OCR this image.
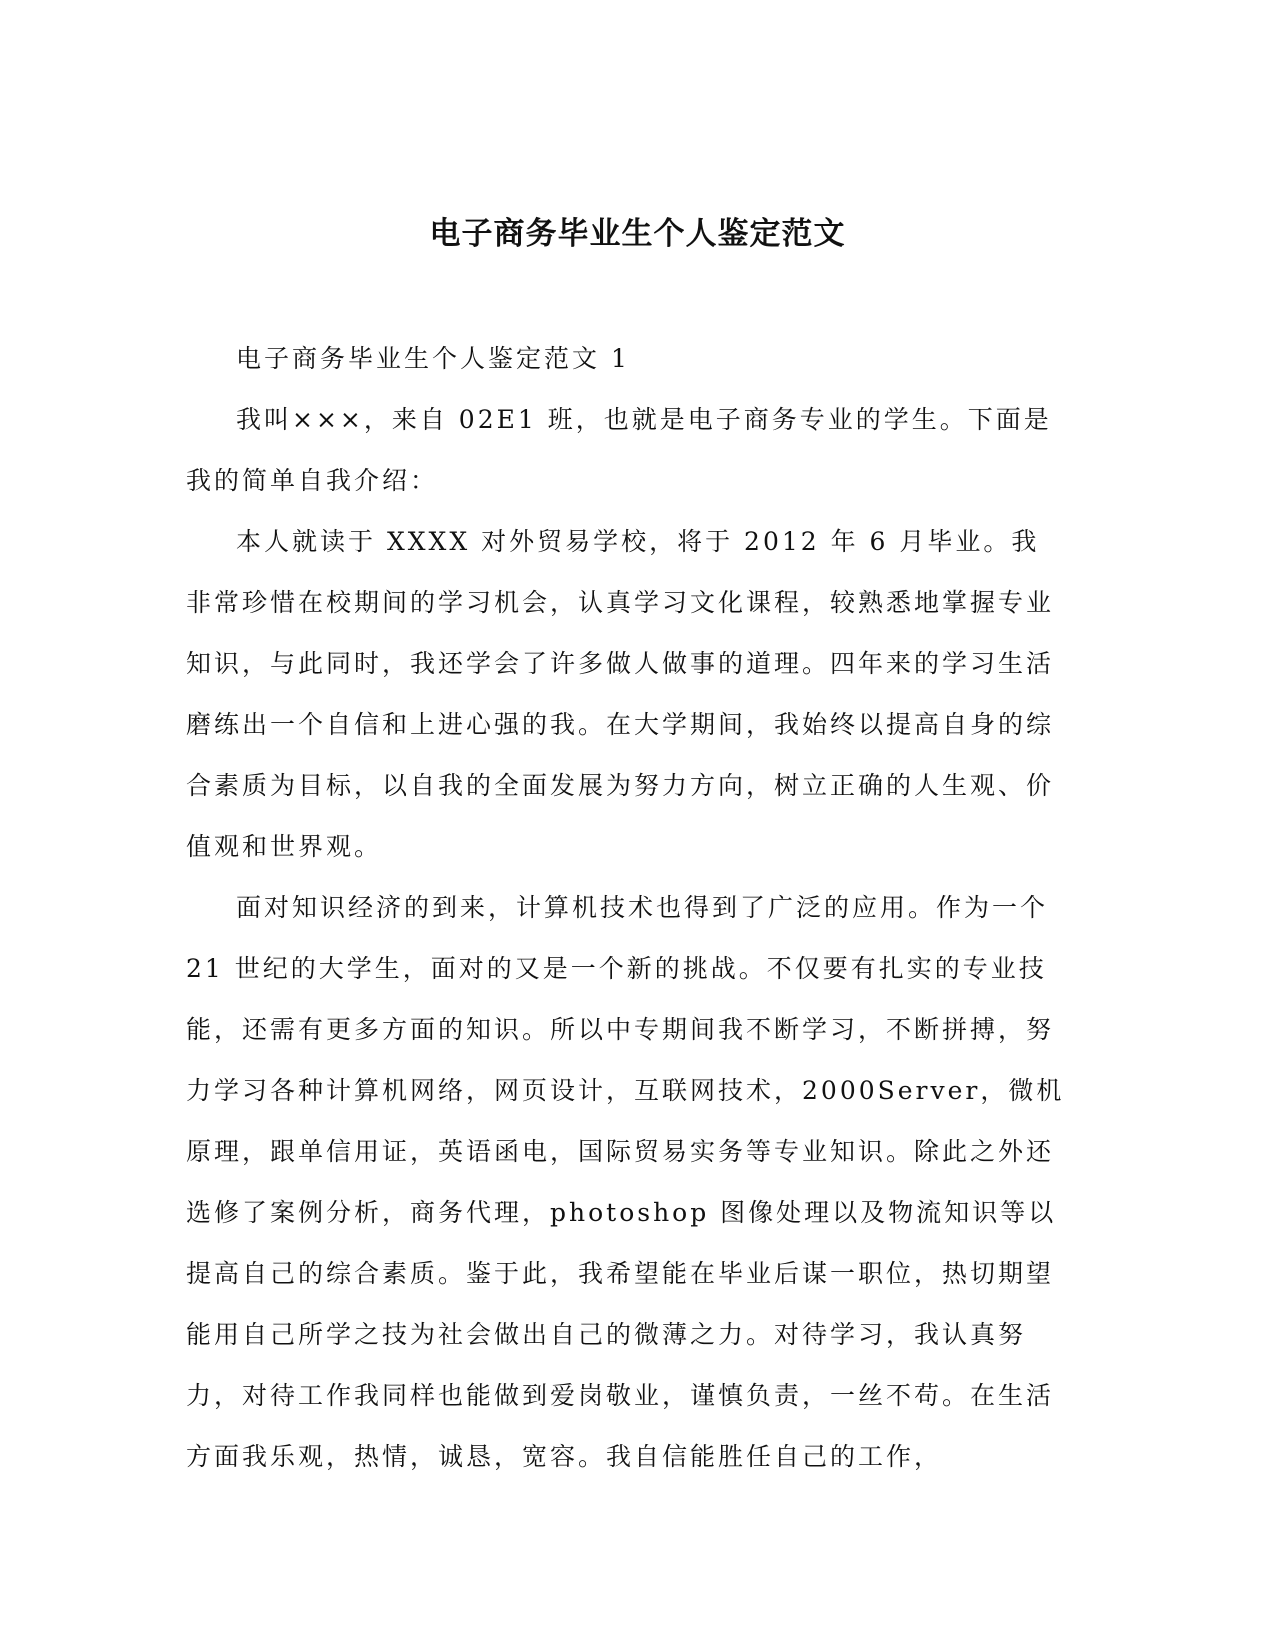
电子商务毕业生个人鉴定范文

电子商务毕业生个人鉴定范文 1

我叫×××，来自 02E1 班，也就是电子商务专业的学生。下面是我的简单自我介绍：

本人就读于 XXXX 对外贸易学校，将于 2012 年 6 月毕业。我非常珍惜在校期间的学习机会，认真学习文化课程，较熟悉地掌握专业知识，与此同时，我还学会了许多做人做事的道理。四年来的学习生活磨练出一个自信和上进心强的我。在大学期间，我始终以提高自身的综合素质为目标，以自我的全面发展为努力方向，树立正确的人生观、价值观和世界观。

面对知识经济的到来，计算机技术也得到了广泛的应用。作为一个 21 世纪的大学生，面对的又是一个新的挑战。不仅要有扎实的专业技能，还需有更多方面的知识。所以中专期间我不断学习，不断拼搏，努力学习各种计算机网络，网页设计，互联网技术，2000Server，微机原理，跟单信用证，英语函电，国际贸易实务等专业知识。除此之外还选修了案例分析，商务代理，photoshop 图像处理以及物流知识等以提高自己的综合素质。鉴于此，我希望能在毕业后谋一职位，热切期望能用自己所学之技为社会做出自己的微薄之力。对待学习，我认真努力，对待工作我同样也能做到爱岗敬业，谨慎负责，一丝不苟。在生活方面我乐观，热情，诚恳，宽容。我自信能胜任自己的工作，
